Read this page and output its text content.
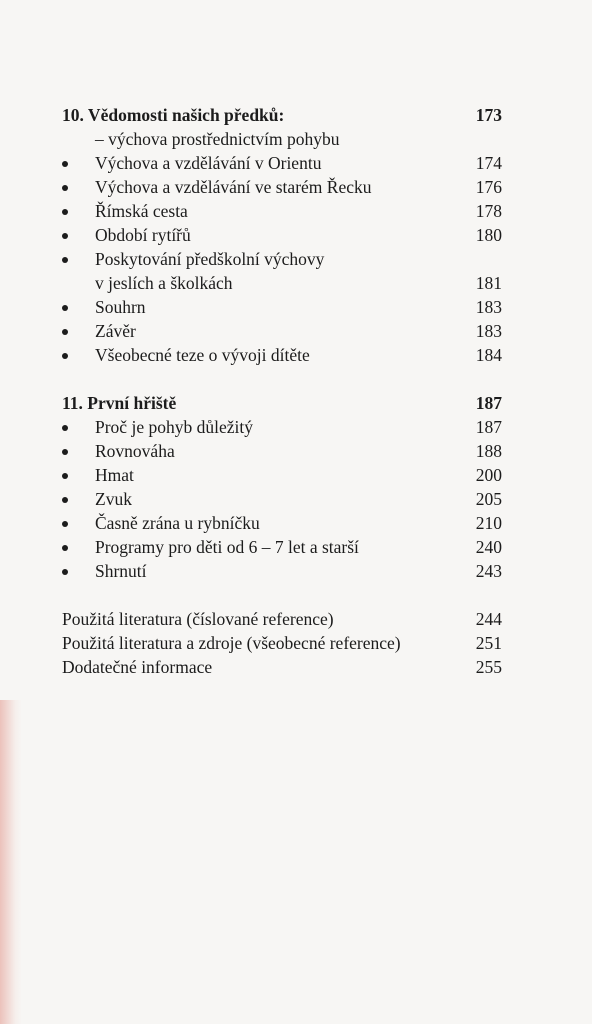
10. Vědomosti našich předků:	173
– výchova prostřednictvím pohybu
Výchova a vzdělávání v Orientu	174
Výchova a vzdělávání ve starém Řecku	176
Římská cesta	178
Období rytířů	180
Poskytování předškolní výchovy
v jeslích a školkách	181
Souhrn	183
Závěr	183
Všeobecné teze o vývoji dítěte	184
11. První hřiště	187
Proč je pohyb důležitý	187
Rovnováha	188
Hmat	200
Zvuk	205
Časně zrána u rybníčku	210
Programy pro děti od 6 – 7 let a starší	240
Shrnutí	243
Použitá literatura (číslované reference)	244
Použitá literatura a zdroje (všeobecné reference)	251
Dodatečné informace	255
